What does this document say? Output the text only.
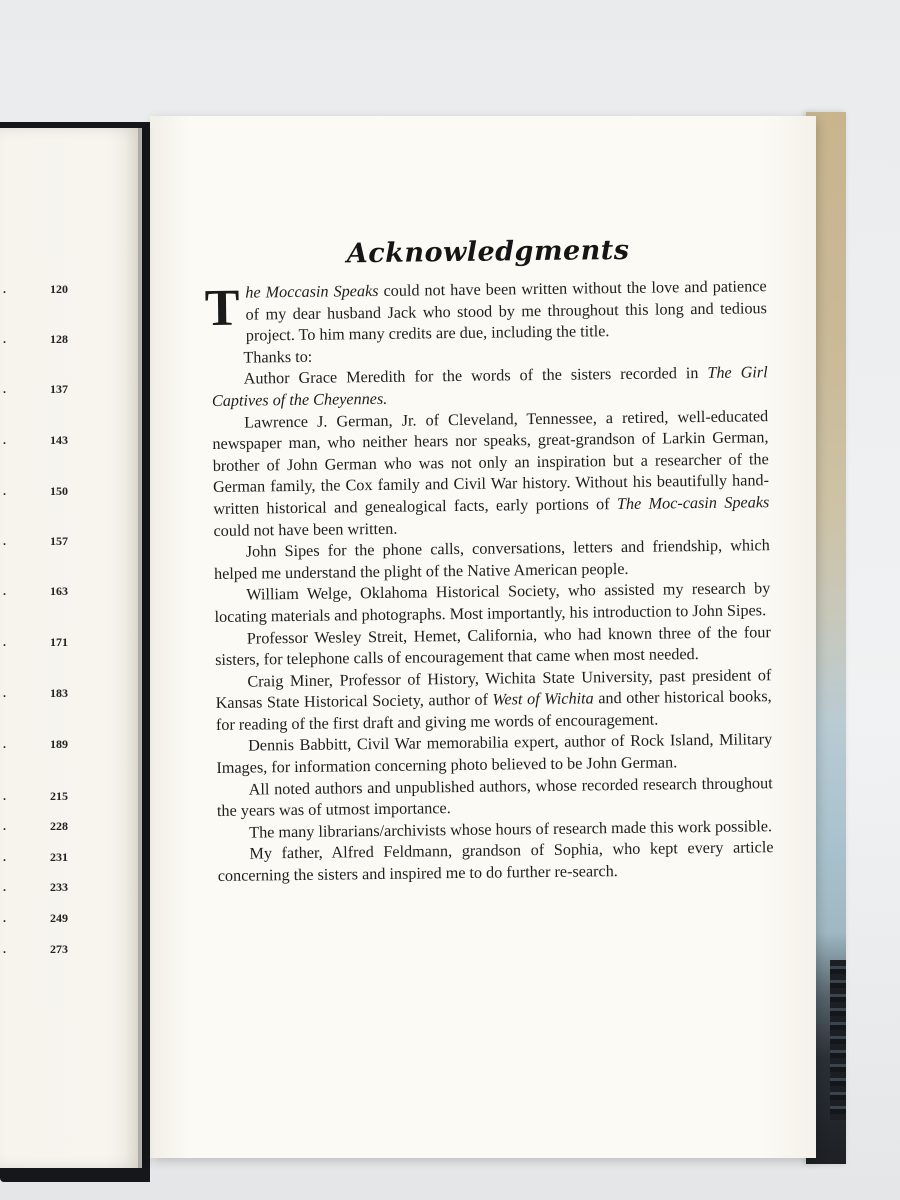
.	120
.	128
.	137
.	143
.	150
.	157
.	163
.	171
.	183
.	189
.	215
.	228
.	231
.	233
.	249
.	273
Acknowledgments

The Moccasin Speaks could not have been written without the love and patience of my dear husband Jack who stood by me throughout this long and tedious project. To him many credits are due, including the title.

Thanks to:

Author Grace Meredith for the words of the sisters recorded in The Girl Captives of the Cheyennes.

Lawrence J. German, Jr. of Cleveland, Tennessee, a retired, well-educated newspaper man, who neither hears nor speaks, great-grandson of Larkin German, brother of John German who was not only an inspiration but a researcher of the German family, the Cox family and Civil War history. Without his beautifully hand-written historical and genealogical facts, early portions of The Moc-casin Speaks could not have been written.

John Sipes for the phone calls, conversations, letters and friendship, which helped me understand the plight of the Native American people.

William Welge, Oklahoma Historical Society, who assisted my research by locating materials and photographs. Most importantly, his introduction to John Sipes.

Professor Wesley Streit, Hemet, California, who had known three of the four sisters, for telephone calls of encouragement that came when most needed.

Craig Miner, Professor of History, Wichita State University, past president of Kansas State Historical Society, author of West of Wichita and other historical books, for reading of the first draft and giving me words of encouragement.

Dennis Babbitt, Civil War memorabilia expert, author of Rock Island, Military Images, for information concerning photo believed to be John German.

All noted authors and unpublished authors, whose recorded research throughout the years was of utmost importance.

The many librarians/archivists whose hours of research made this work possible.

My father, Alfred Feldmann, grandson of Sophia, who kept every article concerning the sisters and inspired me to do further re-search.
